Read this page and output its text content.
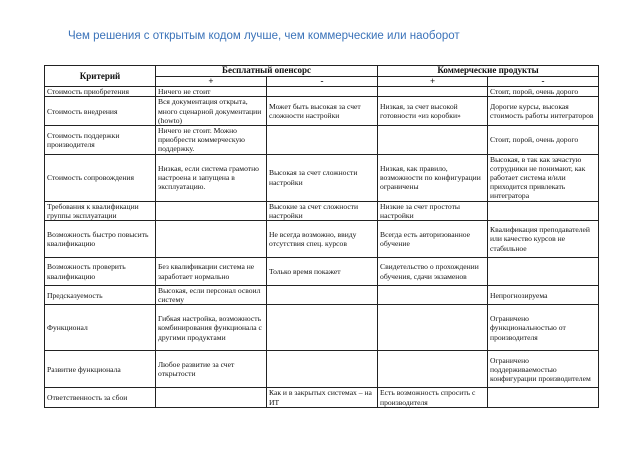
Чем решения с открытым кодом лучше, чем коммерческие или наоборот
Критерий	Бесплатный опенсорс		Коммерческие продукты	
	+	-	+	-
Стоимость приобретения	Ничего не стоит			Стоит, порой, очень дорого
Стоимость внедрения	Вся документация открыта, много сценарной документации (howto)	Может быть высокая за счет сложности настройки	Низкая, за счет высокой готовности «из коробки»	Дорогие курсы, высокая стоимость работы интеграторов
Стоимость поддержки производителя	Ничего не стоит. Можно приобрести коммерческую поддержку.			Стоит, порой, очень дорого
Стоимость сопровождения	Низкая, если система грамотно настроена и запущена в эксплуатацию.	Высокая за счет сложности настройки	Низкая, как правило, возможности по конфигурации ограничены	Высокая, в так как зачастую сотрудники не понимают, как работает система и/или приходится привлекать интегратора
Требования к квалификации группы эксплуатации		Высокие за счет сложности настройки	Низкие за счет простоты настройки	
Возможность быстро повысить квалификацию		Не всегда возможно, ввиду отсутствия спец. курсов	Всегда есть авторизованное обучение	Квалификация преподавателей или качество курсов не стабильное
Возможность проверить квалификацию	Без квалификации система не заработает нормально	Только время покажет	Свидетельство о прохождении обучения, сдачи экзаменов	
Предсказуемость	Высокая, если персонал освоил систему			Непрогнозируема
Функционал	Гибкая настройка, возможность комбинирования функционала с другими продуктами			Ограничено функциональностью от производителя
Развитие функционала	Любое развитие за счет открытости			Ограничено поддерживаемостью конфигурации производителем
Ответственность за сбои		Как и в закрытых системах – на ИТ	Есть возможность спросить с производителя	
